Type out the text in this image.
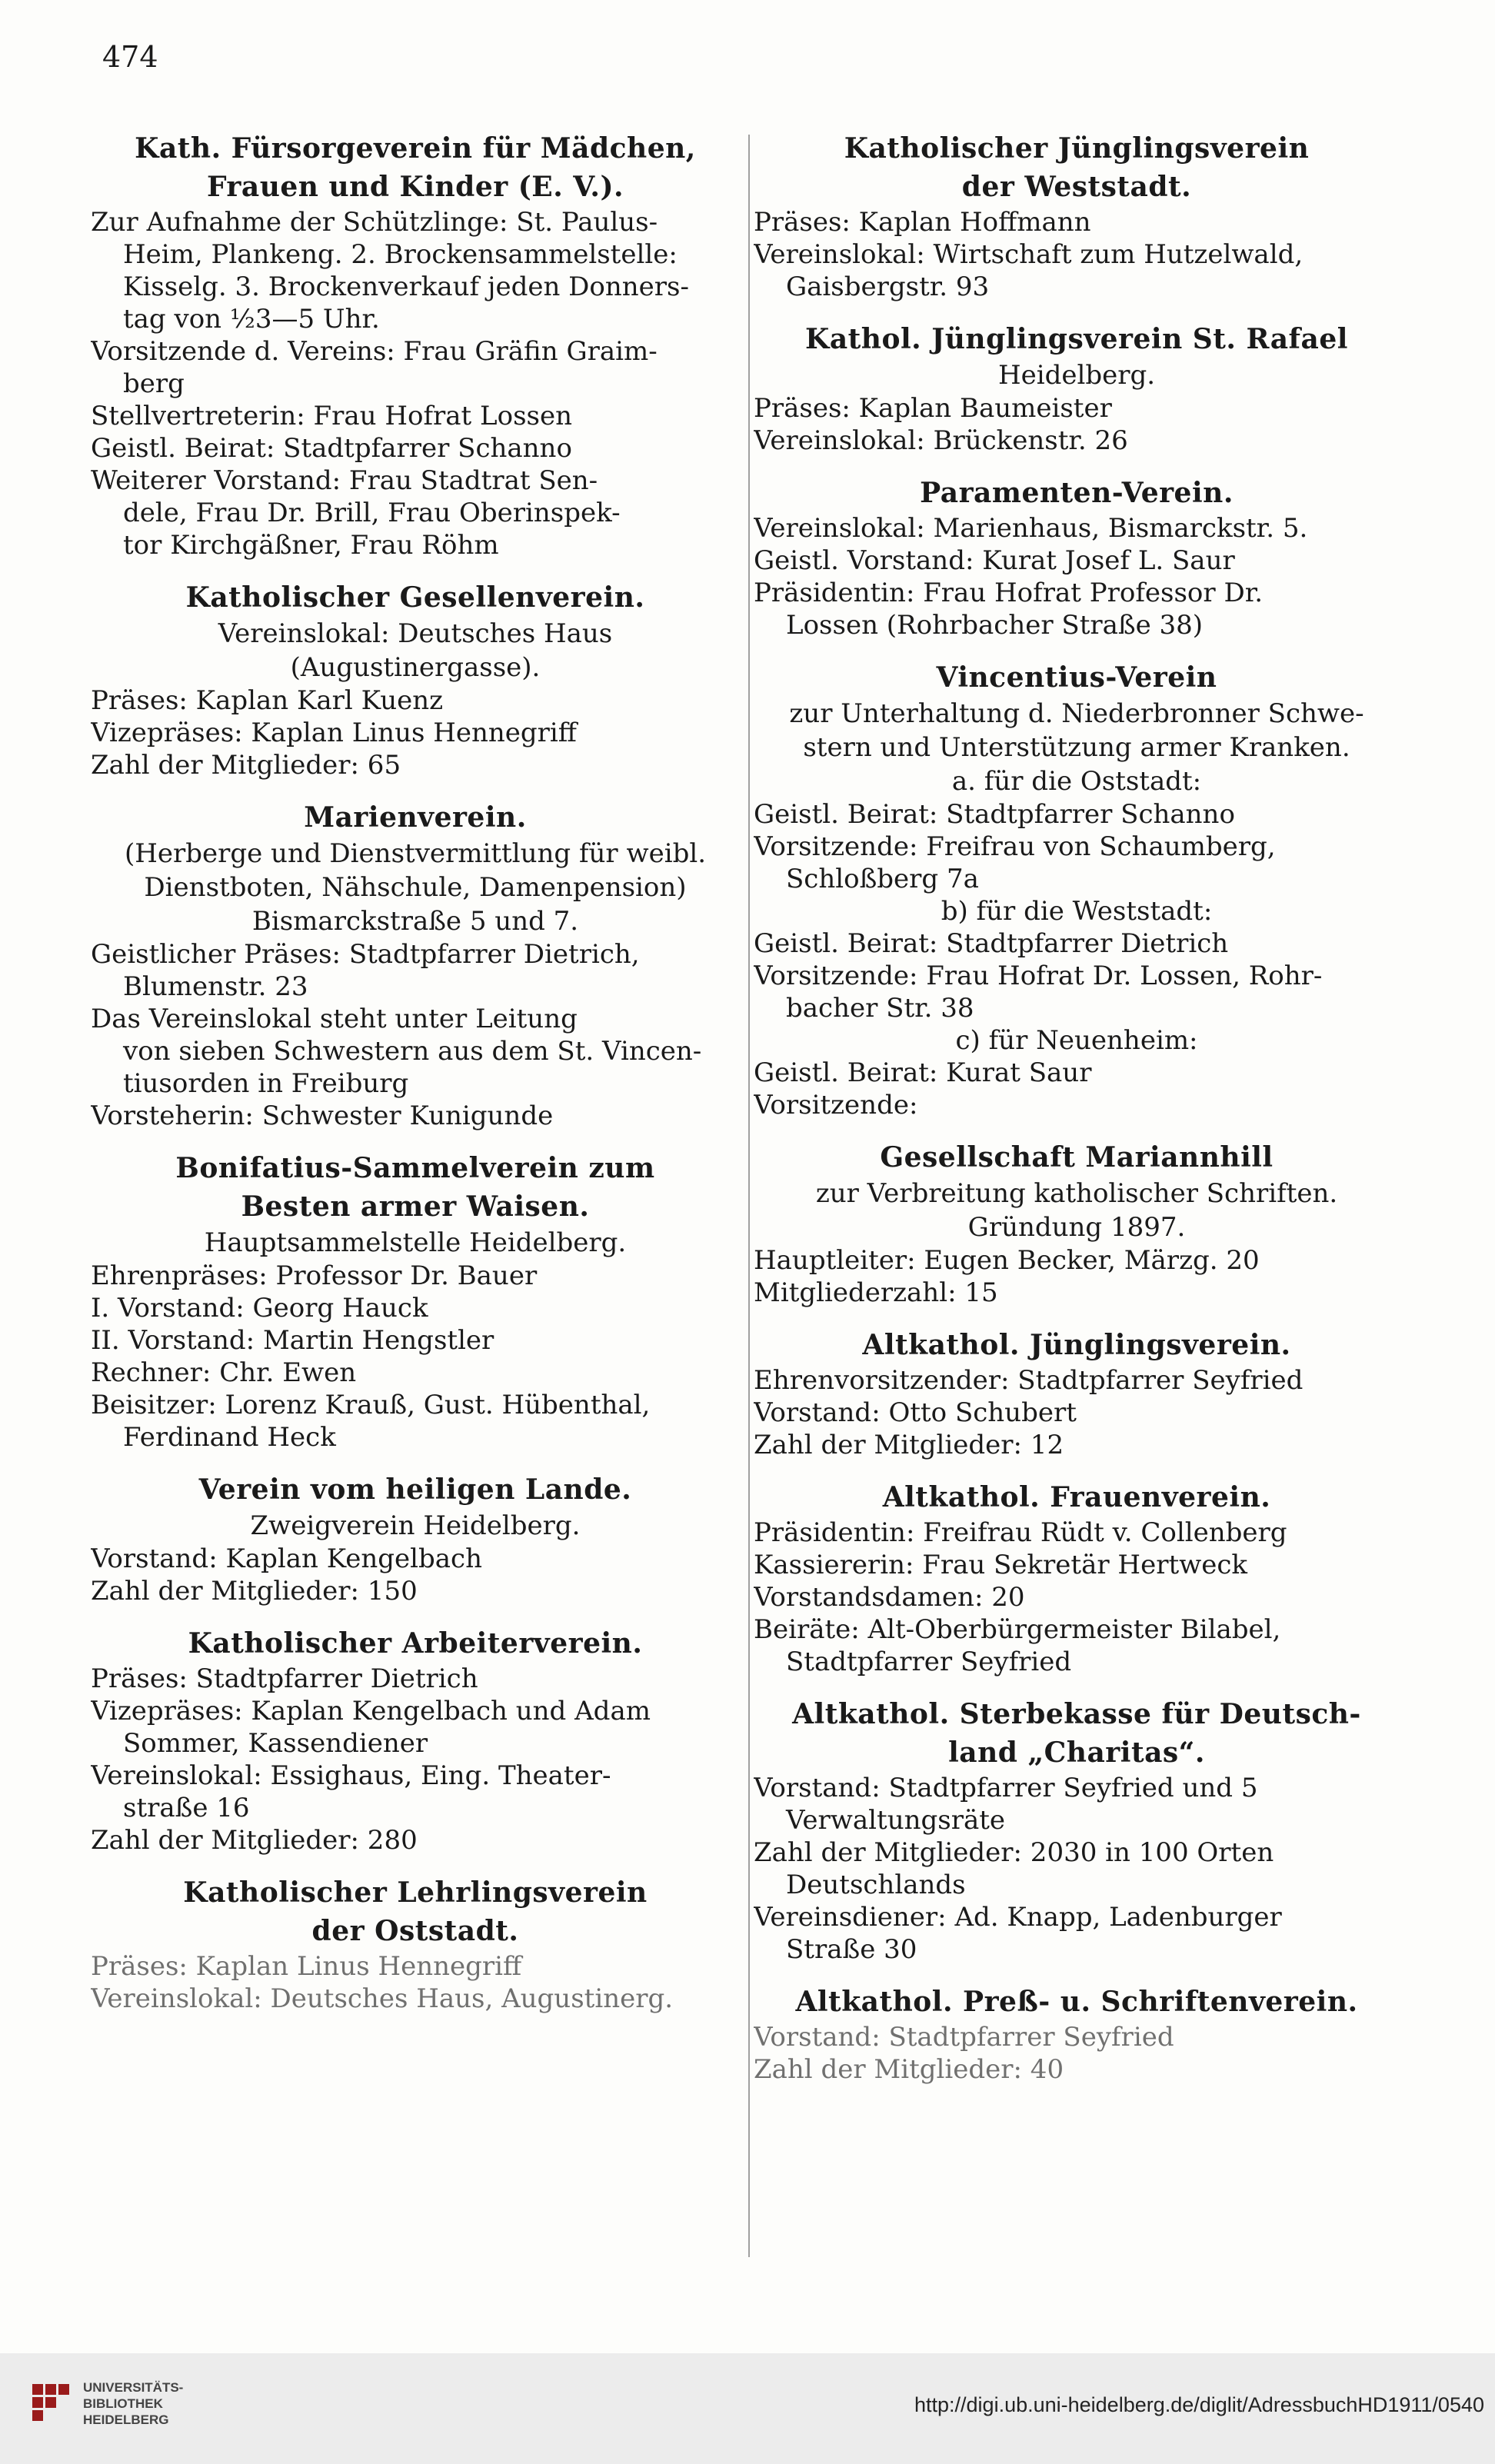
474
Kath. Fürsorgeverein für Mädchen,
Frauen und Kinder (E. V.).
Zur Aufnahme der Schützlinge: St. Paulus-
Heim, Plankeng. 2. Brockensammelstelle:
Kisselg. 3. Brockenverkauf jeden Donners-
tag von ½3—5 Uhr.
Vorsitzende d. Vereins: Frau Gräfin Graim-
berg
Stellvertreterin: Frau Hofrat Lossen
Geistl. Beirat: Stadtpfarrer Schanno
Weiterer Vorstand: Frau Stadtrat Sen-
dele, Frau Dr. Brill, Frau Oberinspek-
tor Kirchgäßner, Frau Röhm
Katholischer Gesellenverein.
Vereinslokal: Deutsches Haus
(Augustinergasse).
Präses: Kaplan Karl Kuenz
Vizepräses: Kaplan Linus Hennegriff
Zahl der Mitglieder: 65
Marienverein.
(Herberge und Dienstvermittlung für weibl.
Dienstboten, Nähschule, Damenpension)
Bismarckstraße 5 und 7.
Geistlicher Präses: Stadtpfarrer Dietrich,
Blumenstr. 23
Das Vereinslokal steht unter Leitung
von sieben Schwestern aus dem St. Vincen-
tiusorden in Freiburg
Vorsteherin: Schwester Kunigunde
Bonifatius-Sammelverein zum
Besten armer Waisen.
Hauptsammelstelle Heidelberg.
Ehrenpräses: Professor Dr. Bauer
I. Vorstand: Georg Hauck
II. Vorstand: Martin Hengstler
Rechner: Chr. Ewen
Beisitzer: Lorenz Krauß, Gust. Hübenthal,
Ferdinand Heck
Verein vom heiligen Lande.
Zweigverein Heidelberg.
Vorstand: Kaplan Kengelbach
Zahl der Mitglieder: 150
Katholischer Arbeiterverein.
Präses: Stadtpfarrer Dietrich
Vizepräses: Kaplan Kengelbach und Adam
Sommer, Kassendiener
Vereinslokal: Essighaus, Eing. Theater-
straße 16
Zahl der Mitglieder: 280
Katholischer Lehrlingsverein
der Oststadt.
Präses: Kaplan Linus Hennegriff
Vereinslokal: Deutsches Haus, Augustinerg.
Katholischer Jünglingsverein
der Weststadt.
Präses: Kaplan Hoffmann
Vereinslokal: Wirtschaft zum Hutzelwald,
Gaisbergstr. 93
Kathol. Jünglingsverein St. Rafael
Heidelberg.
Präses: Kaplan Baumeister
Vereinslokal: Brückenstr. 26
Paramenten-Verein.
Vereinslokal: Marienhaus, Bismarckstr. 5.
Geistl. Vorstand: Kurat Josef L. Saur
Präsidentin: Frau Hofrat Professor Dr.
Lossen (Rohrbacher Straße 38)
Vincentius-Verein
zur Unterhaltung d. Niederbronner Schwe-
stern und Unterstützung armer Kranken.
a. für die Oststadt:
Geistl. Beirat: Stadtpfarrer Schanno
Vorsitzende: Freifrau von Schaumberg,
Schloßberg 7a
b) für die Weststadt:
Geistl. Beirat: Stadtpfarrer Dietrich
Vorsitzende: Frau Hofrat Dr. Lossen, Rohr-
bacher Str. 38
c) für Neuenheim:
Geistl. Beirat: Kurat Saur
Vorsitzende:
Gesellschaft Mariannhill
zur Verbreitung katholischer Schriften.
Gründung 1897.
Hauptleiter: Eugen Becker, Märzg. 20
Mitgliederzahl: 15
Altkathol. Jünglingsverein.
Ehrenvorsitzender: Stadtpfarrer Seyfried
Vorstand: Otto Schubert
Zahl der Mitglieder: 12
Altkathol. Frauenverein.
Präsidentin: Freifrau Rüdt v. Collenberg
Kassiererin: Frau Sekretär Hertweck
Vorstandsdamen: 20
Beiräte: Alt-Oberbürgermeister Bilabel,
Stadtpfarrer Seyfried
Altkathol. Sterbekasse für Deutsch-
land „Charitas“.
Vorstand: Stadtpfarrer Seyfried und 5
Verwaltungsräte
Zahl der Mitglieder: 2030 in 100 Orten
Deutschlands
Vereinsdiener: Ad. Knapp, Ladenburger
Straße 30
Altkathol. Preß- u. Schriftenverein.
Vorstand: Stadtpfarrer Seyfried
Zahl der Mitglieder: 40
UNIVERSITÄTS-
BIBLIOTHEK
HEIDELBERG
http://digi.ub.uni-heidelberg.de/diglit/AdressbuchHD1911/0540
